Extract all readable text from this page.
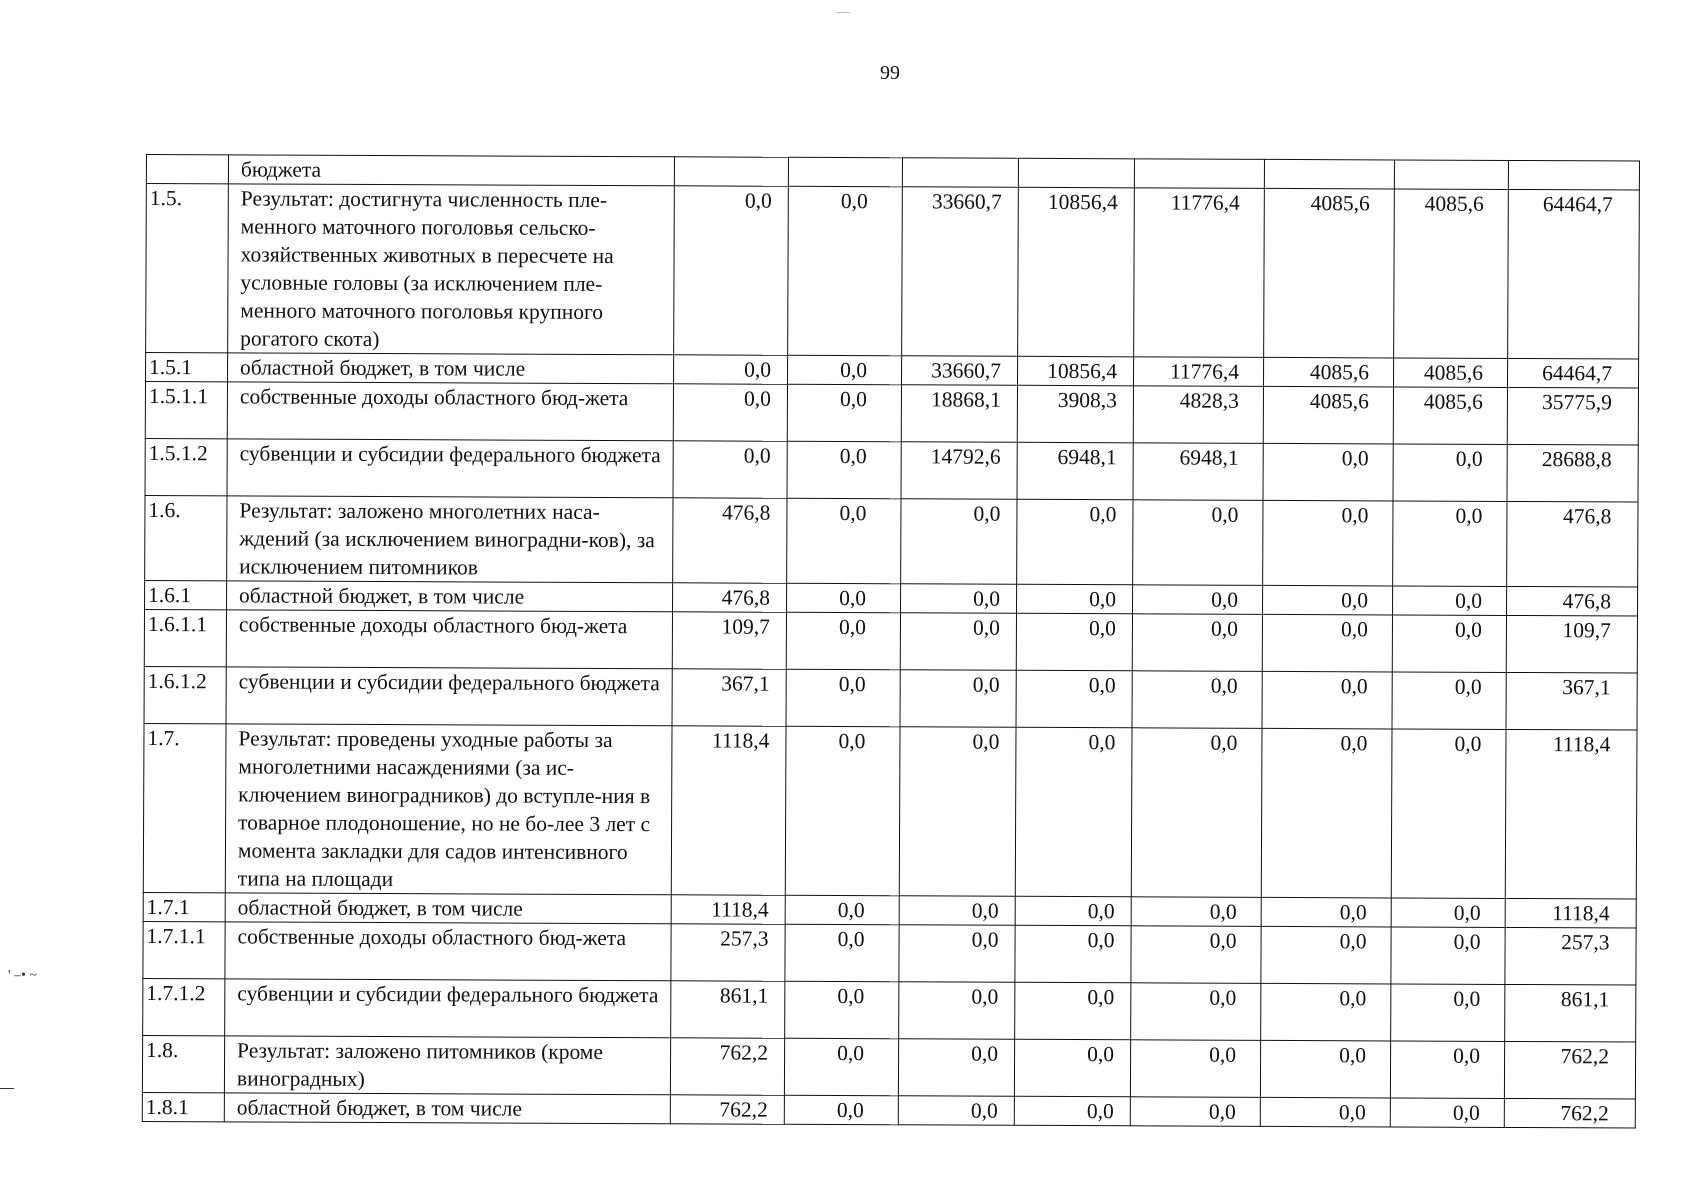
99
' –• ~
	бюджета								
1.5.	Результат: достигнута численность пле-менного маточного поголовья сельско-хозяйственных животных в пересчете на условные головы (за исключением пле-менного маточного поголовья крупного рогатого скота)	0,0	0,0	33660,7	10856,4	11776,4	4085,6	4085,6	64464,7
1.5.1	областной бюджет, в том числе	0,0	0,0	33660,7	10856,4	11776,4	4085,6	4085,6	64464,7
1.5.1.1	собственные доходы областного бюд-жета	0,0	0,0	18868,1	3908,3	4828,3	4085,6	4085,6	35775,9
1.5.1.2	субвенции и субсидии федерального бюджета	0,0	0,0	14792,6	6948,1	6948,1	0,0	0,0	28688,8
1.6.	Результат: заложено многолетних наса-ждений (за исключением виноградни-ков), за исключением питомников	476,8	0,0	0,0	0,0	0,0	0,0	0,0	476,8
1.6.1	областной бюджет, в том числе	476,8	0,0	0,0	0,0	0,0	0,0	0,0	476,8
1.6.1.1	собственные доходы областного бюд-жета	109,7	0,0	0,0	0,0	0,0	0,0	0,0	109,7
1.6.1.2	субвенции и субсидии федерального бюджета	367,1	0,0	0,0	0,0	0,0	0,0	0,0	367,1
1.7.	Результат: проведены уходные работы за многолетними насаждениями (за ис-ключением виноградников) до вступле-ния в товарное плодоношение, но не бо-лее 3 лет с момента закладки для садов интенсивного типа на площади	1118,4	0,0	0,0	0,0	0,0	0,0	0,0	1118,4
1.7.1	областной бюджет, в том числе	1118,4	0,0	0,0	0,0	0,0	0,0	0,0	1118,4
1.7.1.1	собственные доходы областного бюд-жета	257,3	0,0	0,0	0,0	0,0	0,0	0,0	257,3
1.7.1.2	субвенции и субсидии федерального бюджета	861,1	0,0	0,0	0,0	0,0	0,0	0,0	861,1
1.8.	Результат: заложено питомников (кроме виноградных)	762,2	0,0	0,0	0,0	0,0	0,0	0,0	762,2
1.8.1	областной бюджет, в том числе	762,2	0,0	0,0	0,0	0,0	0,0	0,0	762,2
